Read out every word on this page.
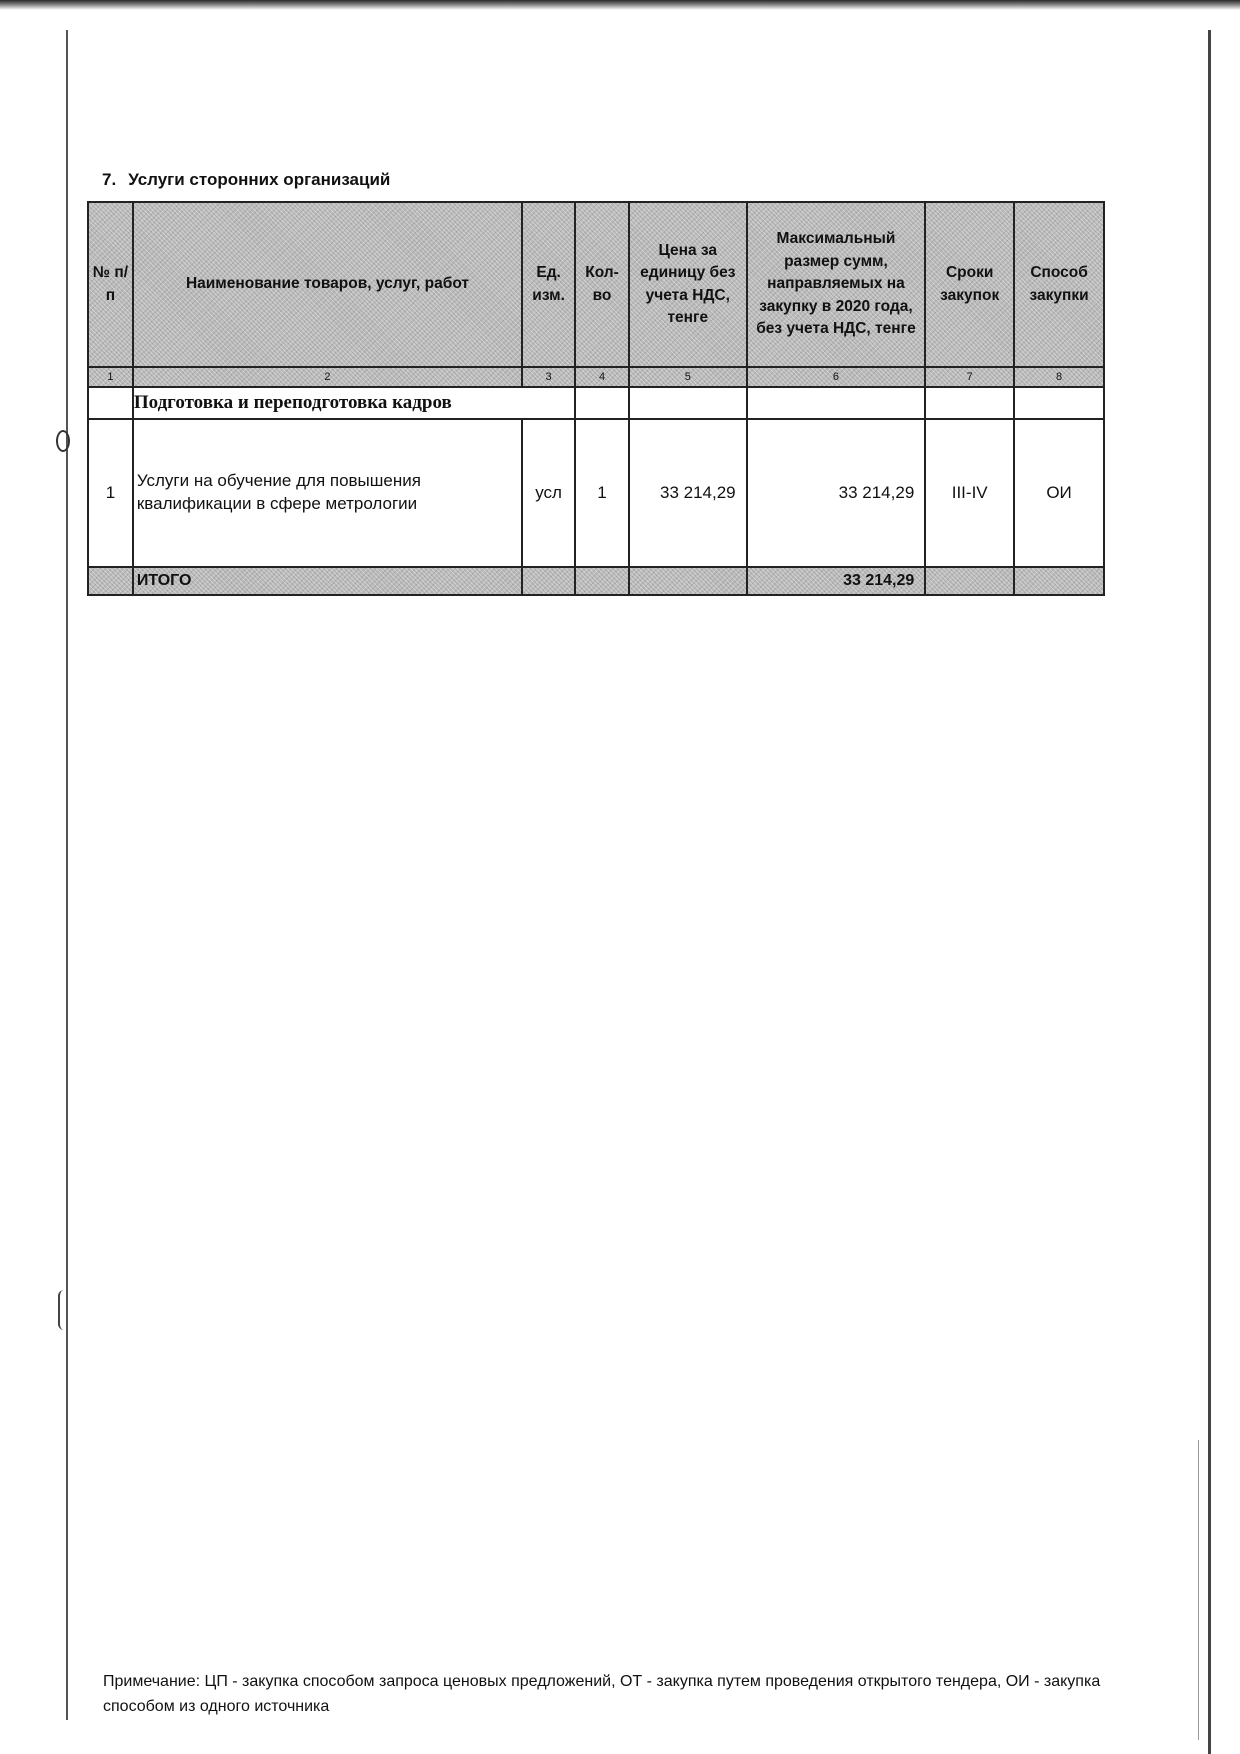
7. Услуги сторонних организаций
№ п/п	Наименование товаров, услуг, работ	Ед. изм.	Кол-во	Цена за единицу без учета НДС, тенге	Максимальный размер сумм, направляемых на закупку в 2020 года, без учета НДС, тенге	Сроки закупок	Способ закупки
1	2	3	4	5	6	7	8
	Подготовка и переподготовка кадров						
1	Услуги на обучение для повышения квалификации в сфере метрологии	усл	1	33 214,29	33 214,29	III-IV	ОИ
	ИТОГО				33 214,29		
Примечание: ЦП - закупка способом запроса ценовых предложений, ОТ - закупка путем проведения открытого тендера, ОИ - закупка способом из одного источника
